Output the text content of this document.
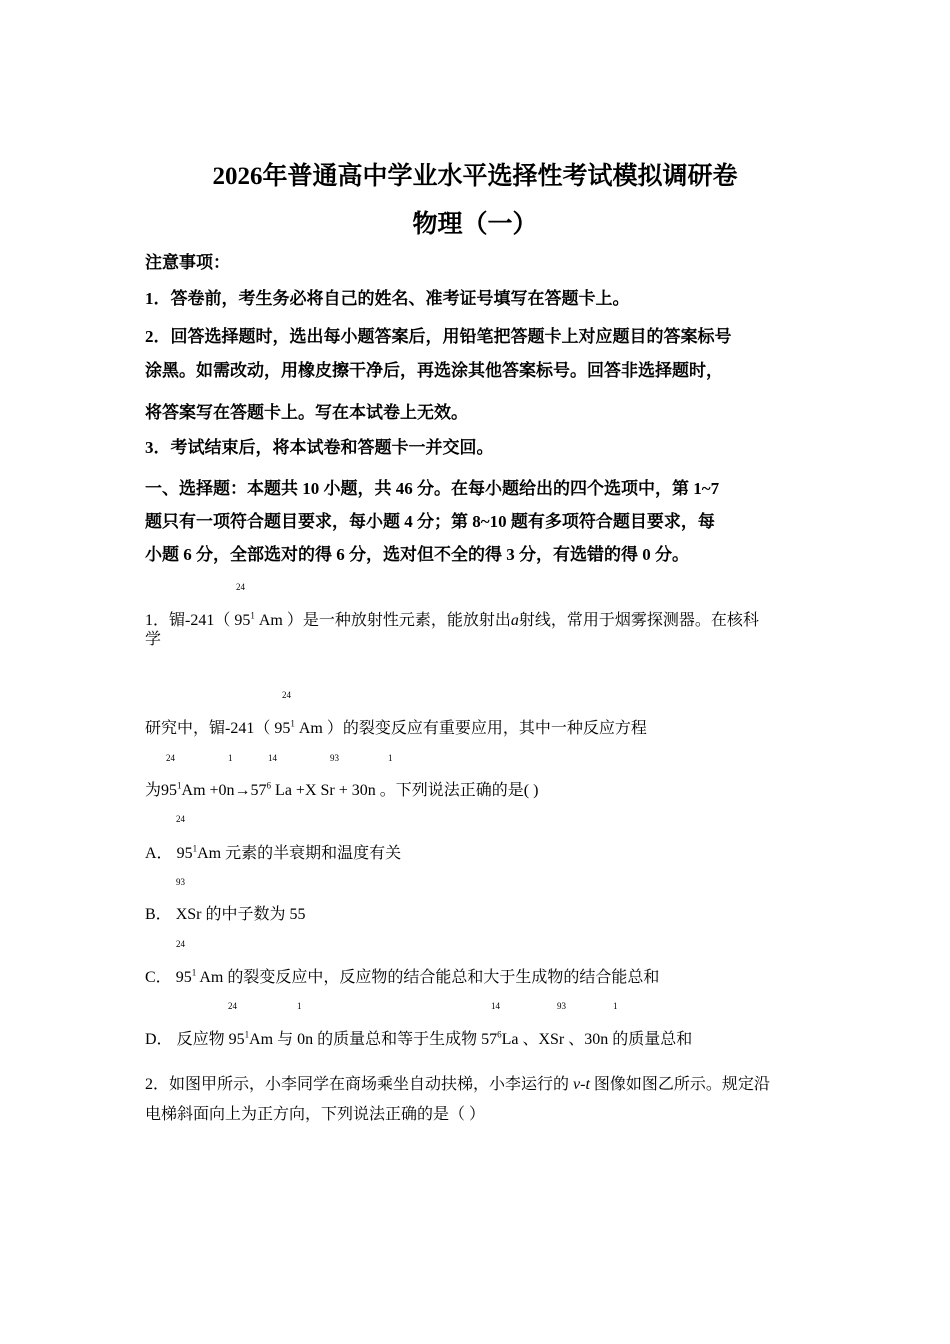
2026年普通高中学业水平选择性考试模拟调研卷
物理（一）
注意事项：
1．答卷前，考生务必将自己的姓名、准考证号填写在答题卡上。
2．回答选择题时，选出每小题答案后，用铅笔把答题卡上对应题目的答案标号
涂黑。如需改动，用橡皮擦干净后，再选涂其他答案标号。回答非选择题时，
将答案写在答题卡上。写在本试卷上无效。
3．考试结束后，将本试卷和答题卡一并交回。
一、选择题：本题共 10 小题，共 46 分。在每小题给出的四个选项中，第 1~7
题只有一项符合题目要求，每小题 4 分；第 8~10 题有多项符合题目要求，每
小题 6 分，全部选对的得 6 分，选对但不全的得 3 分，有选错的得 0 分。
24
1．镅-241（ $95^1$ Am ）是一种放射性元素，能放射出a射线，常用于烟雾探测器。在核科
学
24
研究中，镅-241（ $95^1$ Am ）的裂变反应有重要应用，其中一种反应方程
24	1	14	93	1
为$95^1Am +0n\to 57^6$ La +X Sr + 30n 。下列说法正确的是( )
24
A． $95^1Am$ 元素的半衰期和温度有关
93
B． XSr 的中子数为 55
24
C． $95^1$ Am 的裂变反应中，反应物的结合能总和大于生成物的结合能总和
24	1	14	93	1
D． 反应物 $95^1Am$ 与 0n 的质量总和等于生成物 $57^6La$ 、XSr 、30n 的质量总和
2．如图甲所示，小李同学在商场乘坐自动扶梯，小李运行的 v-t 图像如图乙所示。规定沿
电梯斜面向上为正方向，下列说法正确的是（ ）
